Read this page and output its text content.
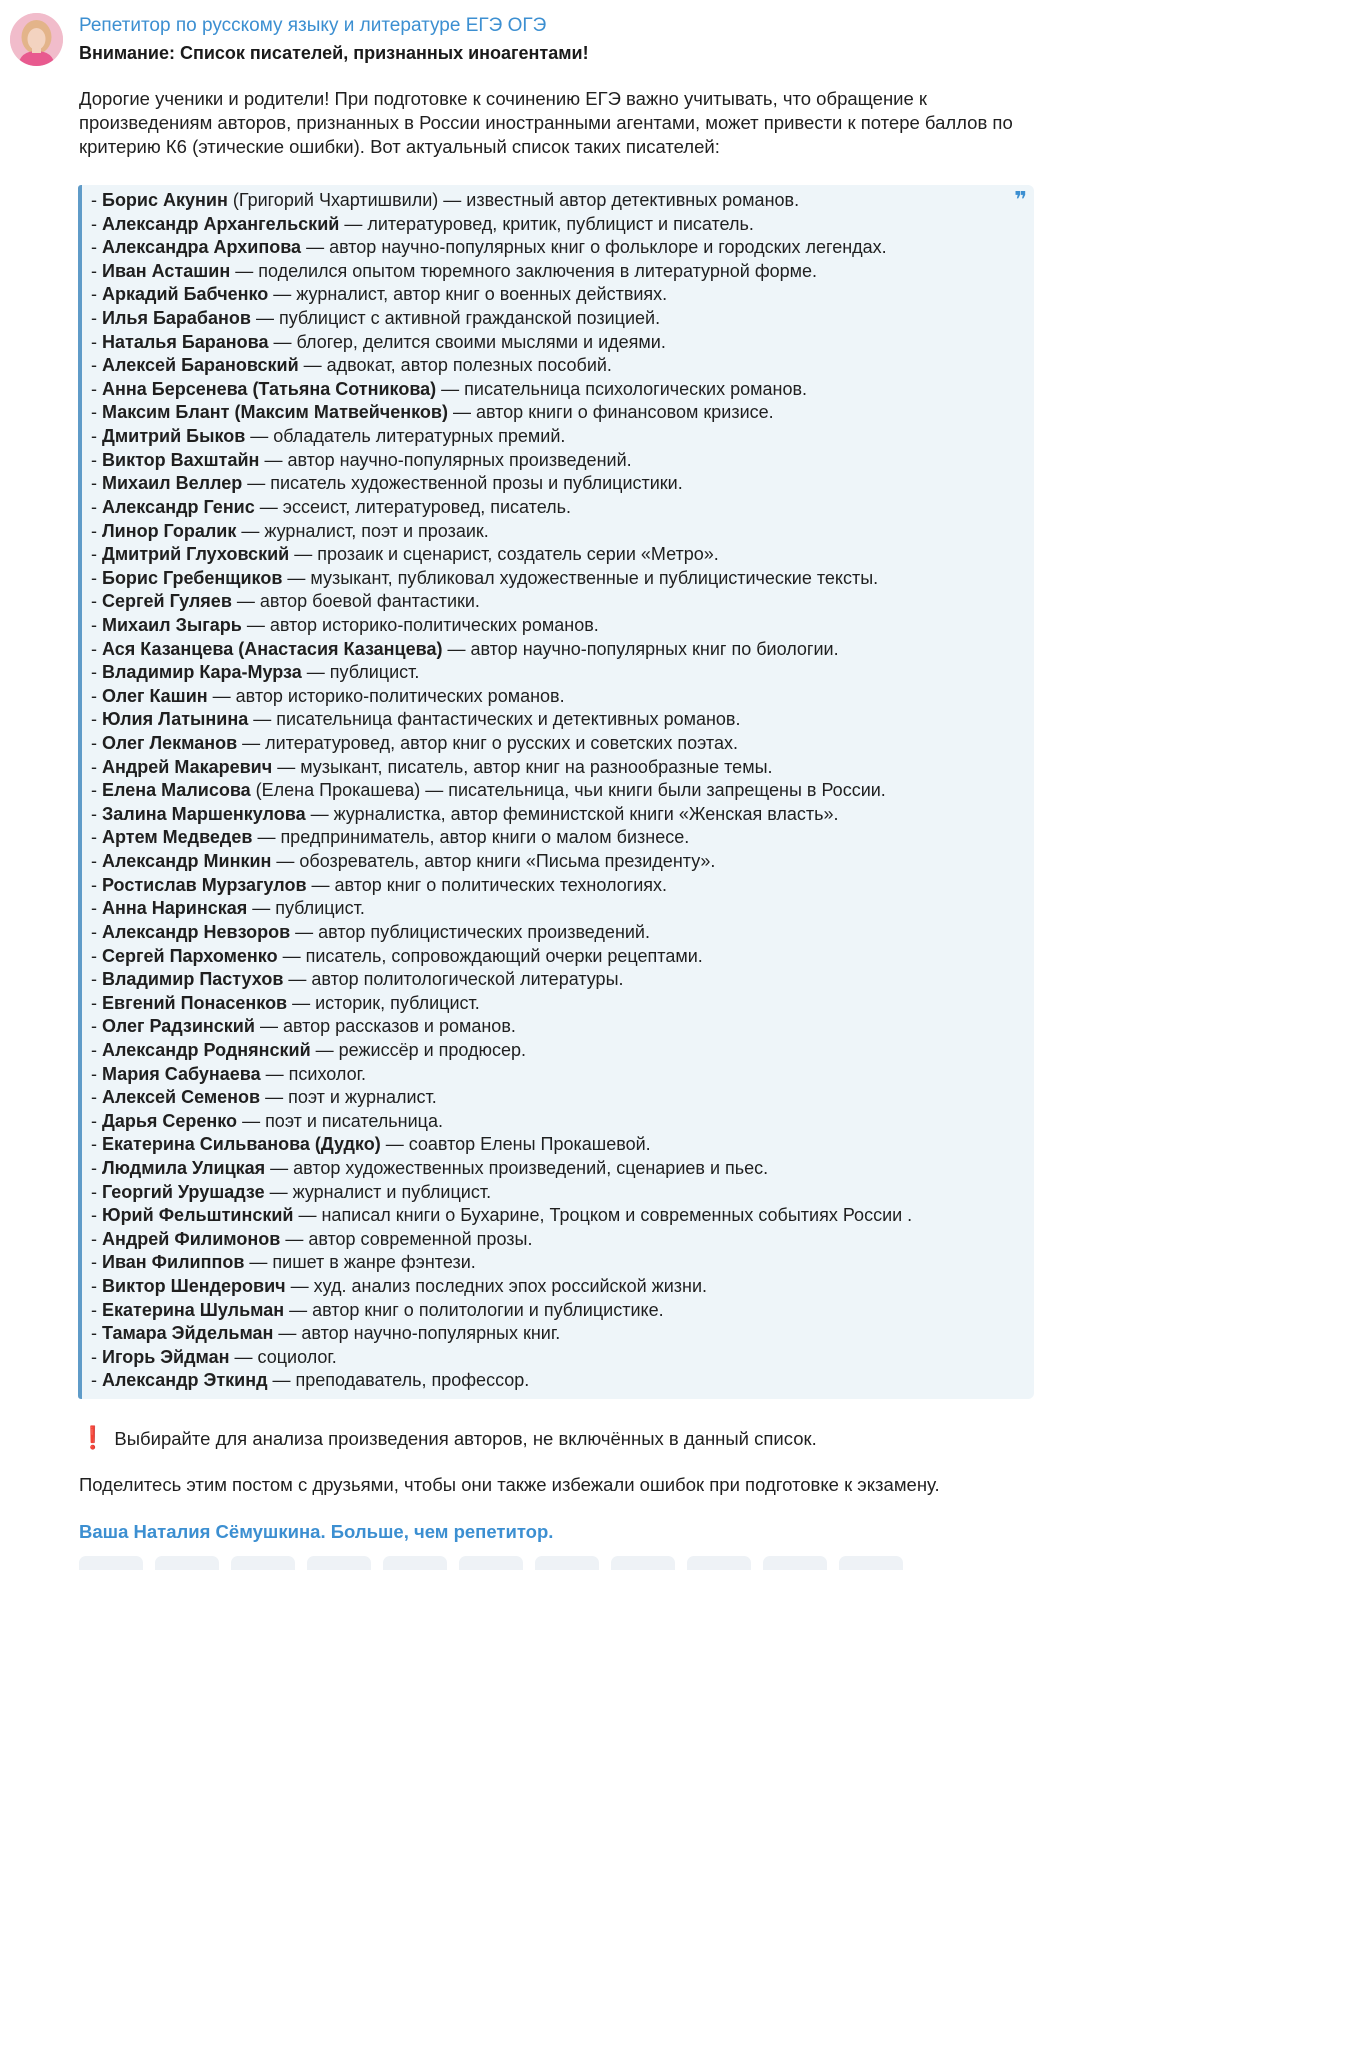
Репетитор по русскому языку и литературе ЕГЭ ОГЭ
Внимание: Список писателей, признанных иноагентами!
Дорогие ученики и родители! При подготовке к сочинению ЕГЭ важно учитывать, что обращение к произведениям авторов, признанных в России иностранными агентами, может привести к потере баллов по критерию К6 (этические ошибки). Вот актуальный список таких писателей:
❞
- Борис Акунин (Григорий Чхартишвили) — известный автор детективных романов.
- Александр Архангельский — литературовед, критик, публицист и писатель.
- Александра Архипова — автор научно-популярных книг о фольклоре и городских легендах.
- Иван Асташин — поделился опытом тюремного заключения в литературной форме.
- Аркадий Бабченко — журналист, автор книг о военных действиях.
- Илья Барабанов — публицист с активной гражданской позицией.
- Наталья Баранова — блогер, делится своими мыслями и идеями.
- Алексей Барановский — адвокат, автор полезных пособий.
- Анна Берсенева (Татьяна Сотникова) — писательница психологических романов.
- Максим Блант (Максим Матвейченков) — автор книги о финансовом кризисе.
- Дмитрий Быков — обладатель литературных премий.
- Виктор Вахштайн — автор научно-популярных произведений.
- Михаил Веллер — писатель художественной прозы и публицистики.
- Александр Генис — эссеист, литературовед, писатель.
- Линор Горалик — журналист, поэт и прозаик.
- Дмитрий Глуховский — прозаик и сценарист, создатель серии «Метро».
- Борис Гребенщиков — музыкант, публиковал художественные и публицистические тексты.
- Сергей Гуляев — автор боевой фантастики.
- Михаил Зыгарь — автор историко-политических романов.
- Ася Казанцева (Анастасия Казанцева) — автор научно-популярных книг по биологии.
- Владимир Кара-Мурза — публицист.
- Олег Кашин — автор историко-политических романов.
- Юлия Латынина — писательница фантастических и детективных романов.
- Олег Лекманов — литературовед, автор книг о русских и советских поэтах.
- Андрей Макаревич — музыкант, писатель, автор книг на разнообразные темы.
- Елена Малисова (Елена Прокашева) — писательница, чьи книги были запрещены в России.
- Залина Маршенкулова — журналистка, автор феминистской книги «Женская власть».
- Артем Медведев — предприниматель, автор книги о малом бизнесе.
- Александр Минкин — обозреватель, автор книги «Письма президенту».
- Ростислав Мурзагулов — автор книг о политических технологиях.
- Анна Наринская — публицист.
- Александр Невзоров — автор публицистических произведений.
- Сергей Пархоменко — писатель, сопровождающий очерки рецептами.
- Владимир Пастухов — автор политологической литературы.
- Евгений Понасенков — историк, публицист.
- Олег Радзинский — автор рассказов и романов.
- Александр Роднянский — режиссёр и продюсер.
- Мария Сабунаева — психолог.
- Алексей Семенов — поэт и журналист.
- Дарья Серенко — поэт и писательница.
- Екатерина Сильванова (Дудко) — соавтор Елены Прокашевой.
- Людмила Улицкая — автор художественных произведений, сценариев и пьес.
- Георгий Урушадзе — журналист и публицист.
- Юрий Фельштинский — написал книги о Бухарине, Троцком и современных событиях России .
- Андрей Филимонов — автор современной прозы.
- Иван Филиппов — пишет в жанре фэнтези.
- Виктор Шендерович — худ. анализ последних эпох российской жизни.
- Екатерина Шульман — автор книг о политологии и публицистике.
- Тамара Эйдельман — автор научно-популярных книг.
- Игорь Эйдман — социолог.
- Александр Эткинд — преподаватель, профессор.
❗ Выбирайте для анализа произведения авторов, не включённых в данный список.
Поделитесь этим постом с друзьями, чтобы они также избежали ошибок при подготовке к экзамену.
Ваша Наталия Сёмушкина. Больше, чем репетитор.
